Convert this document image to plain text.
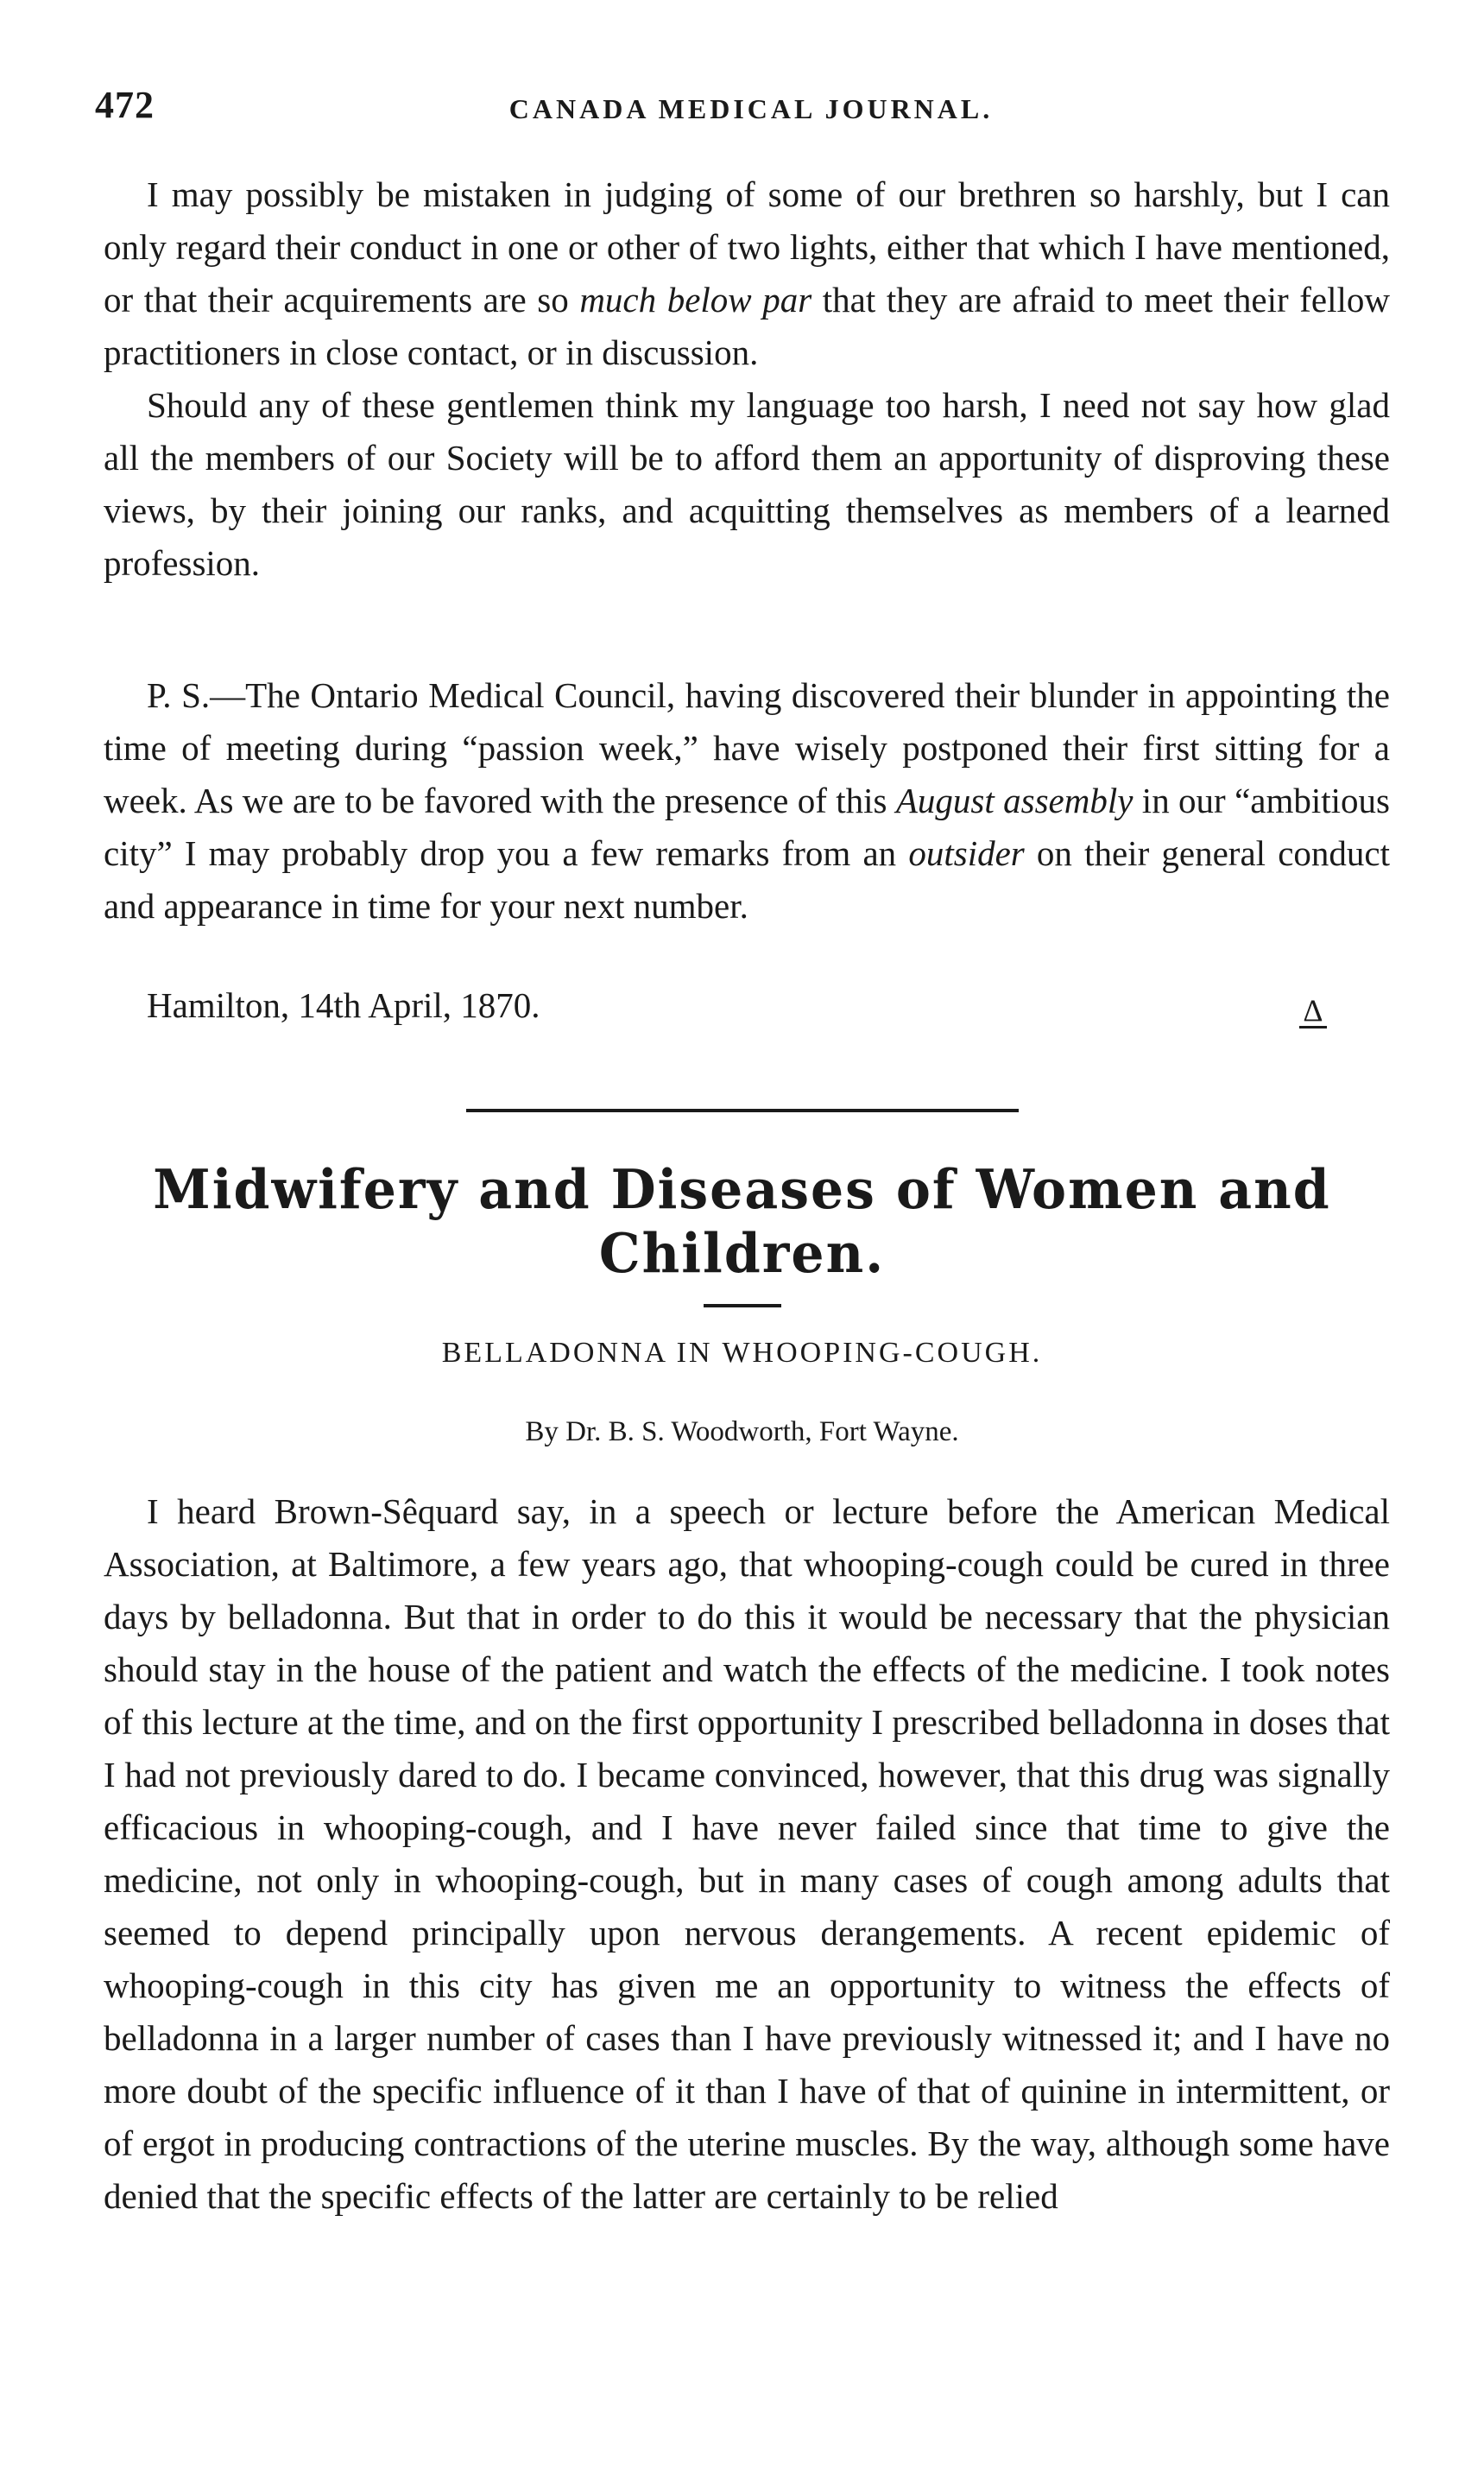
472	CANADA MEDICAL JOURNAL.

I may possibly be mistaken in judging of some of our brethren so harshly, but I can only regard their conduct in one or other of two lights, either that which I have mentioned, or that their acquirements are so much below par that they are afraid to meet their fellow practitioners in close contact, or in discussion.

Should any of these gentlemen think my language too harsh, I need not say how glad all the members of our Society will be to afford them an apportunity of disproving these views, by their joining our ranks, and acquitting themselves as members of a learned profession.

P. S.—The Ontario Medical Council, having discovered their blunder in appointing the time of meeting during “passion week,” have wisely postponed their first sitting for a week. As we are to be favored with the presence of this August assembly in our “ambitious city” I may probably drop you a few remarks from an outsider on their general conduct and appearance in time for your next number.

Hamilton, 14th April, 1870.	Δ
Midwifery and Diseases of Women and Children.
BELLADONNA IN WHOOPING-COUGH.
By Dr. B. S. Woodworth, Fort Wayne.

I heard Brown-Sêquard say, in a speech or lecture before the American Medical Association, at Baltimore, a few years ago, that whooping-cough could be cured in three days by belladonna. But that in order to do this it would be necessary that the physician should stay in the house of the patient and watch the effects of the medicine. I took notes of this lecture at the time, and on the first opportunity I prescribed belladonna in doses that I had not previously dared to do. I became convinced, however, that this drug was signally efficacious in whooping-cough, and I have never failed since that time to give the medicine, not only in whooping-cough, but in many cases of cough among adults that seemed to depend principally upon nervous derangements. A recent epidemic of whooping-cough in this city has given me an opportunity to witness the effects of belladonna in a larger number of cases than I have previously witnessed it; and I have no more doubt of the specific influence of it than I have of that of quinine in intermittent, or of ergot in producing contractions of the uterine muscles. By the way, although some have denied that the specific effects of the latter are certainly to be relied
